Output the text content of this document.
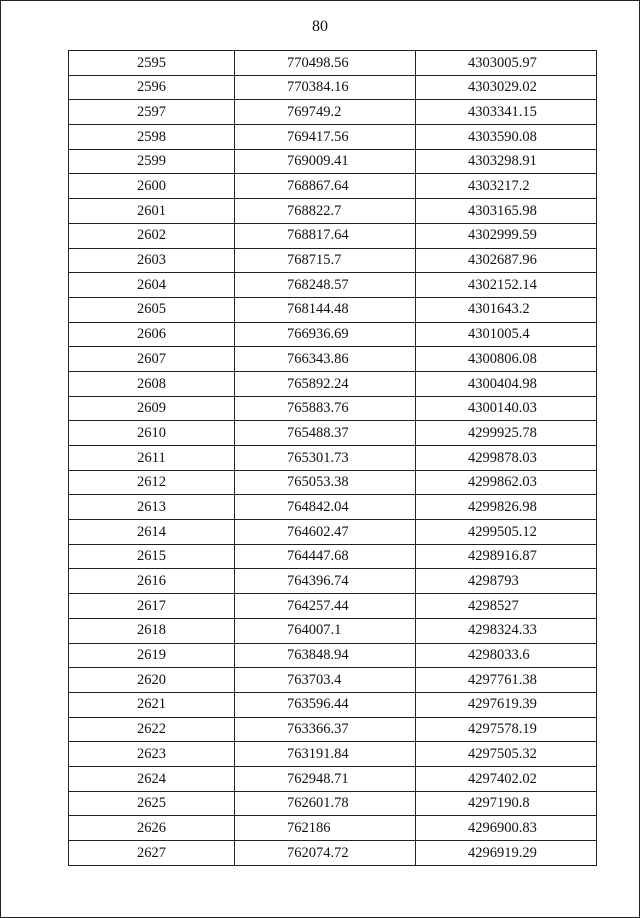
80
2595	770498.56	4303005.97
2596	770384.16	4303029.02
2597	769749.2	4303341.15
2598	769417.56	4303590.08
2599	769009.41	4303298.91
2600	768867.64	4303217.2
2601	768822.7	4303165.98
2602	768817.64	4302999.59
2603	768715.7	4302687.96
2604	768248.57	4302152.14
2605	768144.48	4301643.2
2606	766936.69	4301005.4
2607	766343.86	4300806.08
2608	765892.24	4300404.98
2609	765883.76	4300140.03
2610	765488.37	4299925.78
2611	765301.73	4299878.03
2612	765053.38	4299862.03
2613	764842.04	4299826.98
2614	764602.47	4299505.12
2615	764447.68	4298916.87
2616	764396.74	4298793
2617	764257.44	4298527
2618	764007.1	4298324.33
2619	763848.94	4298033.6
2620	763703.4	4297761.38
2621	763596.44	4297619.39
2622	763366.37	4297578.19
2623	763191.84	4297505.32
2624	762948.71	4297402.02
2625	762601.78	4297190.8
2626	762186	4296900.83
2627	762074.72	4296919.29
